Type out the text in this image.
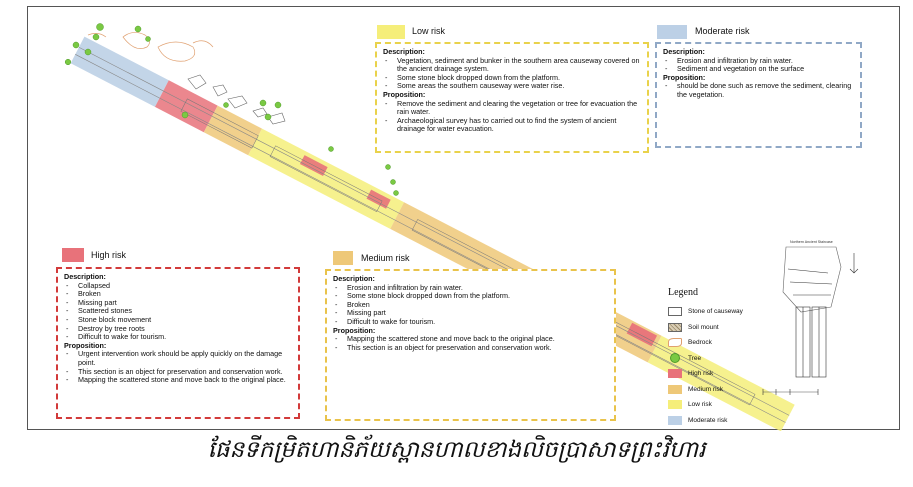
Northern Ancient Staircase
Low risk
Description:
- Vegetation, sediment and bunker in the southern area causeway covered on the ancient drainage system.
- Some stone block dropped down from the platform.
- Some areas the southern causeway were water rise.
Proposition:
- Remove the sediment and clearing the vegetation or tree for evacuation the rain water.
- Archaeological survey has to carried out to find the system of ancient drainage for water evacuation.
Moderate risk
Description:
- Erosion and infiltration by rain water.
- Sediment and vegetation on the surface
Proposition:
- should be done such as remove the sediment, clearing the vegetation.
High risk
Description:
- Collapsed
- Broken
- Missing part
- Scattered stones
- Stone block movement
- Destroy by tree roots
- Difficult to wake for tourism.
Proposition:
- Urgent intervention work should be apply quickly on the damage point.
- This section is an object for preservation and conservation work.
- Mapping the scattered stone and move back to the original place.
Medium risk
Description:
- Erosion and infiltration by rain water.
- Some stone block dropped down from the platform.
- Broken
- Missing part
- Difficult to wake for tourism.
Proposition:
- Mapping the scattered stone and move back to the original place.
- This section is an object for preservation and conservation work.
Legend
Stone of causeway
Soil mount
Bedrock
Tree
High risk
Medium risk
Low risk
Moderate risk
ផែនទីកម្រិតហានិភ័យស្ពានហាលខាងលិចប្រាសាទព្រះវិហារ
